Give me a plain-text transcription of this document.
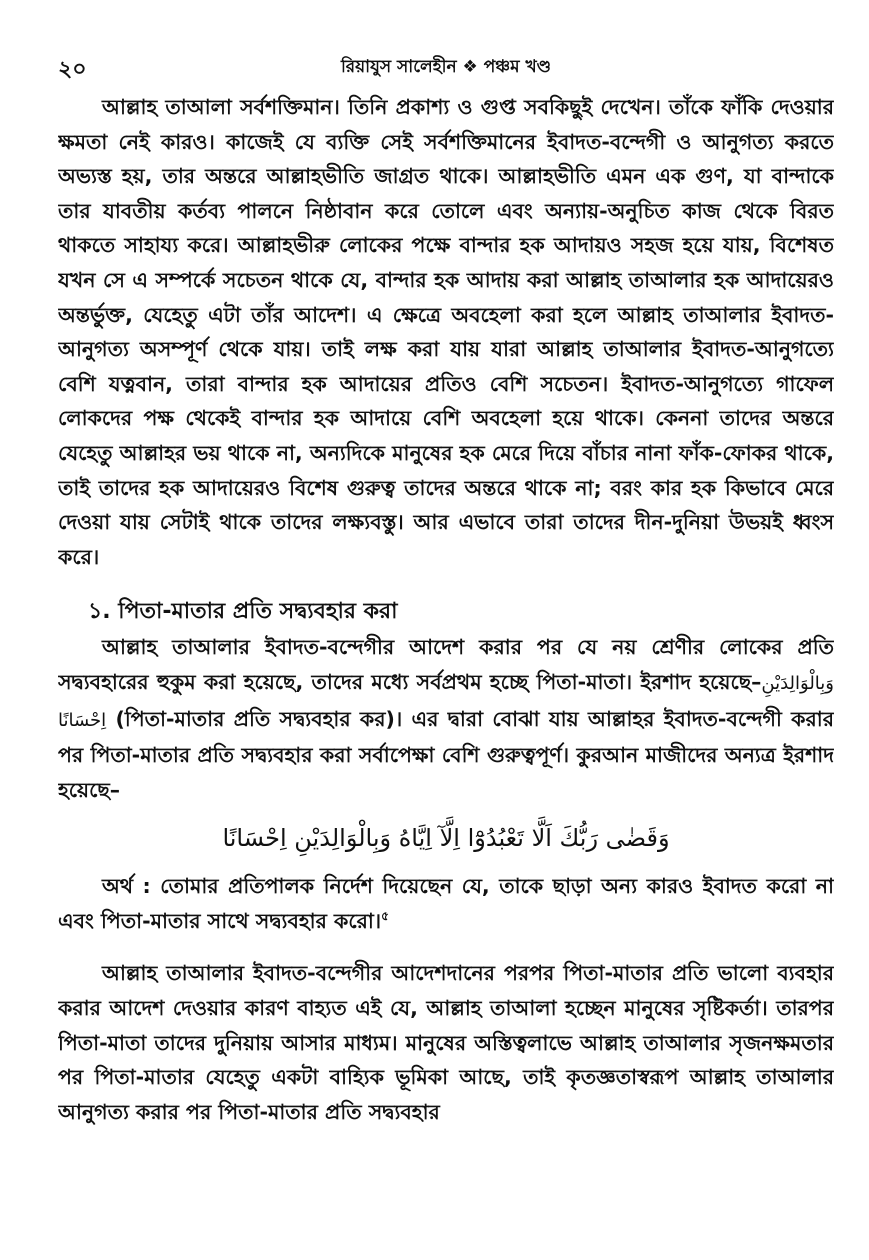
২০	রিয়াযুস সালেহীন ❖ পঞ্চম খণ্ড

আল্লাহ তাআলা সর্বশক্তিমান। তিনি প্রকাশ্য ও গুপ্ত সবকিছুই দেখেন। তাঁকে ফাঁকি দেওয়ার ক্ষমতা নেই কারও। কাজেই যে ব্যক্তি সেই সর্বশক্তিমানের ইবাদত-বন্দেগী ও আনুগত্য করতে অভ্যস্ত হয়, তার অন্তরে আল্লাহভীতি জাগ্রত থাকে। আল্লাহভীতি এমন এক গুণ, যা বান্দাকে তার যাবতীয় কর্তব্য পালনে নিষ্ঠাবান করে তোলে এবং অন্যায়-অনুচিত কাজ থেকে বিরত থাকতে সাহায্য করে। আল্লাহভীরু লোকের পক্ষে বান্দার হক আদায়ও সহজ হয়ে যায়, বিশেষত যখন সে এ সম্পর্কে সচেতন থাকে যে, বান্দার হক আদায় করা আল্লাহ তাআলার হক আদায়েরও অন্তর্ভুক্ত, যেহেতু এটা তাঁর আদেশ। এ ক্ষেত্রে অবহেলা করা হলে আল্লাহ তাআলার ইবাদত-আনুগত্য অসম্পূর্ণ থেকে যায়। তাই লক্ষ করা যায় যারা আল্লাহ তাআলার ইবাদত-আনুগত্যে বেশি যত্নবান, তারা বান্দার হক আদায়ের প্রতিও বেশি সচেতন। ইবাদত-আনুগত্যে গাফেল লোকদের পক্ষ থেকেই বান্দার হক আদায়ে বেশি অবহেলা হয়ে থাকে। কেননা তাদের অন্তরে যেহেতু আল্লাহর ভয় থাকে না, অন্যদিকে মানুষের হক মেরে দিয়ে বাঁচার নানা ফাঁক-ফোকর থাকে, তাই তাদের হক আদায়েরও বিশেষ গুরুত্ব তাদের অন্তরে থাকে না; বরং কার হক কিভাবে মেরে দেওয়া যায় সেটাই থাকে তাদের লক্ষ্যবস্তু। আর এভাবে তারা তাদের দীন-দুনিয়া উভয়ই ধ্বংস করে।

১. পিতা-মাতার প্রতি সদ্ব্যবহার করা

আল্লাহ তাআলার ইবাদত-বন্দেগীর আদেশ করার পর যে নয় শ্রেণীর লোকের প্রতি সদ্ব্যবহারের হুকুম করা হয়েছে, তাদের মধ্যে সর্বপ্রথম হচ্ছে পিতা-মাতা। ইরশাদ হয়েছে–وَبِالْوَالِدَيْنِ اِحْسَانًا (পিতা-মাতার প্রতি সদ্ব্যবহার কর)। এর দ্বারা বোঝা যায় আল্লাহর ইবাদত-বন্দেগী করার পর পিতা-মাতার প্রতি সদ্ব্যবহার করা সর্বাপেক্ষা বেশি গুরুত্বপূর্ণ। কুরআন মাজীদের অন্যত্র ইরশাদ হয়েছে–

وَقَضٰى رَبُّكَ اَلَّا تَعْبُدُوْٓا اِلَّآ اِيَّاهُ وَبِالْوَالِدَيْنِ اِحْسَانًا

অর্থ : তোমার প্রতিপালক নির্দেশ দিয়েছেন যে, তাকে ছাড়া অন্য কারও ইবাদত করো না এবং পিতা-মাতার সাথে সদ্ব্যবহার করো।$^৫$

আল্লাহ তাআলার ইবাদত-বন্দেগীর আদেশদানের পরপর পিতা-মাতার প্রতি ভালো ব্যবহার করার আদেশ দেওয়ার কারণ বাহ্যত এই যে, আল্লাহ তাআলা হচ্ছেন মানুষের সৃষ্টিকর্তা। তারপর পিতা-মাতা তাদের দুনিয়ায় আসার মাধ্যম। মানুষের অস্তিত্বলাভে আল্লাহ তাআলার সৃজনক্ষমতার পর পিতা-মাতার যেহেতু একটা বাহ্যিক ভূমিকা আছে, তাই কৃতজ্ঞতাস্বরূপ আল্লাহ তাআলার আনুগত্য করার পর পিতা-মাতার প্রতি সদ্ব্যবহার
